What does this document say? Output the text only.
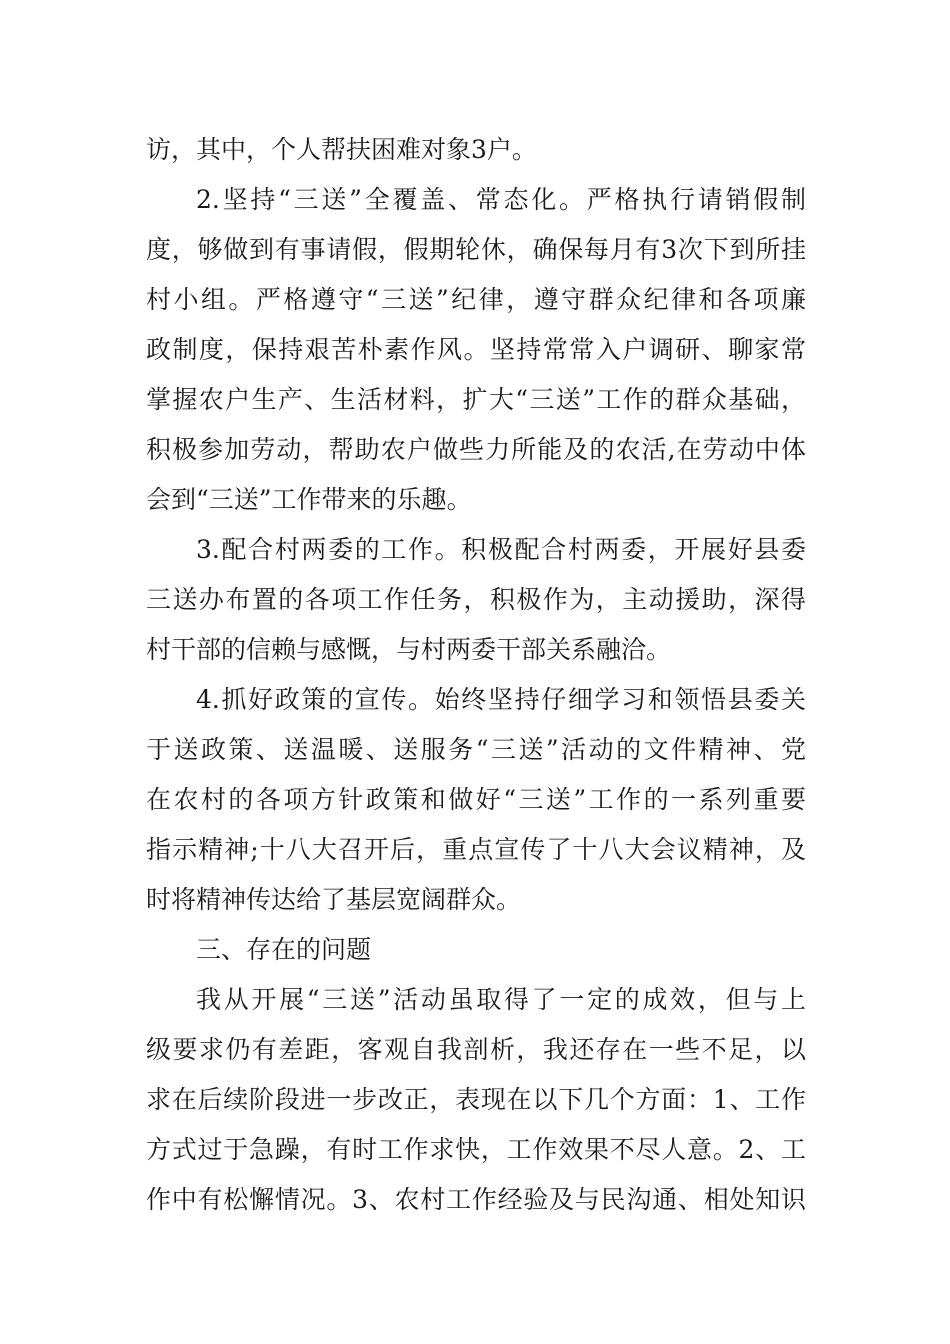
访，其中，个人帮扶困难对象3户。
2.坚持“三送”全覆盖、常态化。严格执行请销假制
度，够做到有事请假，假期轮休，确保每月有3次下到所挂
村小组。严格遵守“三送”纪律，遵守群众纪律和各项廉
政制度，保持艰苦朴素作风。坚持常常入户调研、聊家常
掌握农户生产、生活材料，扩大“三送”工作的群众基础，
积极参加劳动，帮助农户做些力所能及的农活,在劳动中体
会到“三送”工作带来的乐趣。
3.配合村两委的工作。积极配合村两委，开展好县委
三送办布置的各项工作任务，积极作为，主动援助，深得
村干部的信赖与感慨，与村两委干部关系融洽。
4.抓好政策的宣传。始终坚持仔细学习和领悟县委关
于送政策、送温暖、送服务“三送”活动的文件精神、党
在农村的各项方针政策和做好“三送”工作的一系列重要
指示精神;十八大召开后，重点宣传了十八大会议精神，及
时将精神传达给了基层宽阔群众。
三、存在的问题
我从开展“三送”活动虽取得了一定的成效，但与上
级要求仍有差距，客观自我剖析，我还存在一些不足，以
求在后续阶段进一步改正，表现在以下几个方面：1、工作
方式过于急躁，有时工作求快，工作效果不尽人意。2、工
作中有松懈情况。3、农村工作经验及与民沟通、相处知识
